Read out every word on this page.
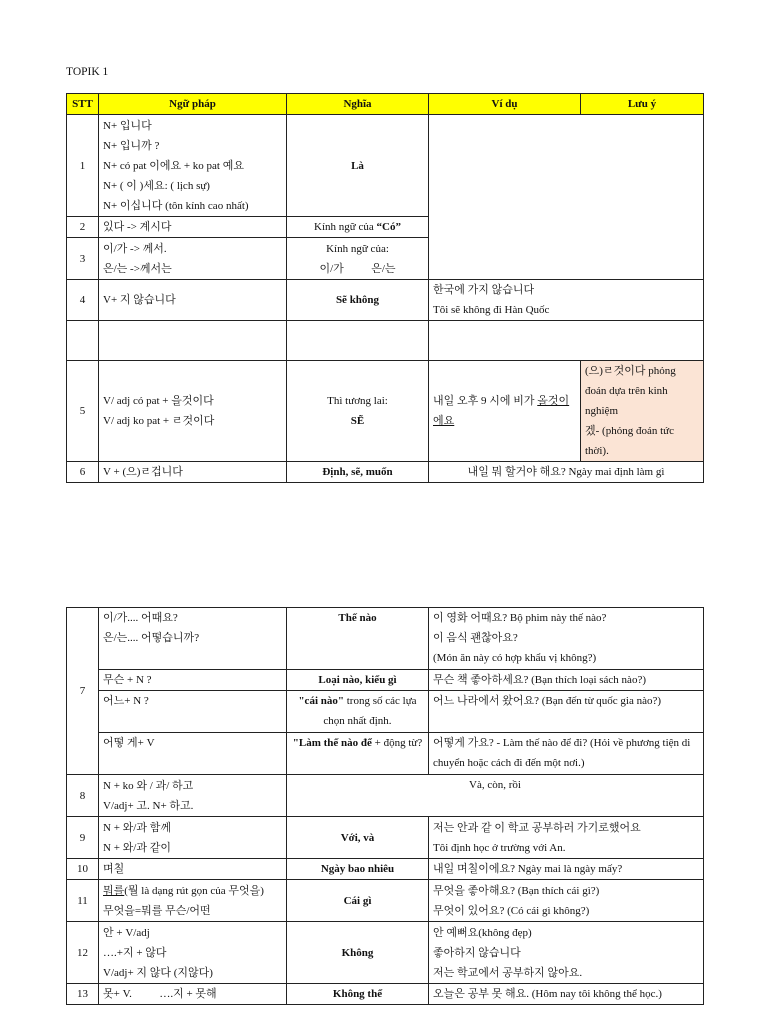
TOPIK 1
STT	Ngữ pháp	Nghĩa	Ví dụ	Lưu ý
1	N+ 입니다
N+ 입니까 ?
N+ có pat 이에요 + ko pat 예요
N+ ( 이 )세요: ( lịch sự)
N+ 이십니다 (tôn kính cao nhất)	Là		
2	있다 -> 계시다	Kính ngữ của “Có”		
3	이/가 -> 께서.
은/는 ->께서는	Kính ngữ của:
이/가 은/는		

4	V+ 지 않습니다	Sẽ không	한국에 가지 않습니다
Tôi sẽ không đi Hàn Quốc	

5	V/ adj có pat + 을것이다
V/ adj ko pat + ㄹ것이다	Thì tương lai:
SẼ	내일 오후 9 시에 비가 올것이에요	(으)ㄹ것이다 phỏng đoán dựa trên kinh nghiệm
겠- (phỏng đoán tức thời).

6	V + (으)ㄹ겁니다	Định, sẽ, muốn	내일 뭐 할거야 해요? Ngày mai định làm gì	
7	이/가.... 어때요?
은/는.... 어떻습니까?	Thế nào	이 영화 어때요? Bộ phim này thế nào?
이 음식 괜찮아요?
(Món ăn này có hợp khẩu vị không?)

	무슨 + N ?	Loại nào, kiểu gì	무슨 책 좋아하세요? (Bạn thích loại sách nào?)
	어느+ N ?	"cái nào" trong số các lựa chọn nhất định.	어느 나라에서 왔어요? (Bạn đến từ quốc gia nào?)
	어떻 게+ V	"Làm thế nào để + động từ?	어떻게 가요? - Làm thế nào để đi? (Hỏi về phương tiện di chuyển hoặc cách đi đến một nơi.)
8	N + ko 와 / 과/ 하고
V/adj+ 고. N+ 하고.	Và, còn, rồi	
9	N + 와/과 함께
N + 와/과 같이	Với, và	저는 안과 같 이 학교 공부하러 가기로했어요
Tôi định học ở trường với An.

10	며칠	Ngày bao nhiêu	내일 며칠이에요? Ngày mai là ngày mấy?
11	뭐를(뭘 là dạng rút gọn của 무엇을)
무엇을=뭐를 무슨/어떤	Cái gì	무엇을 좋아해요? (Bạn thích cái gì?)
무엇이 있어요? (Có cái gì không?)

12	안 + V/adj
….+지 + 않다
V/adj+ 지 않다 (지않다)	Không	안 예뻐요(không đẹp)
좋아하지 않습니다
저는 학교에서 공부하지 않아요.

13	못+ V.          ….지 + 못해	Không thể	오늘은 공부 못 해요. (Hôm nay tôi không thể học.)
